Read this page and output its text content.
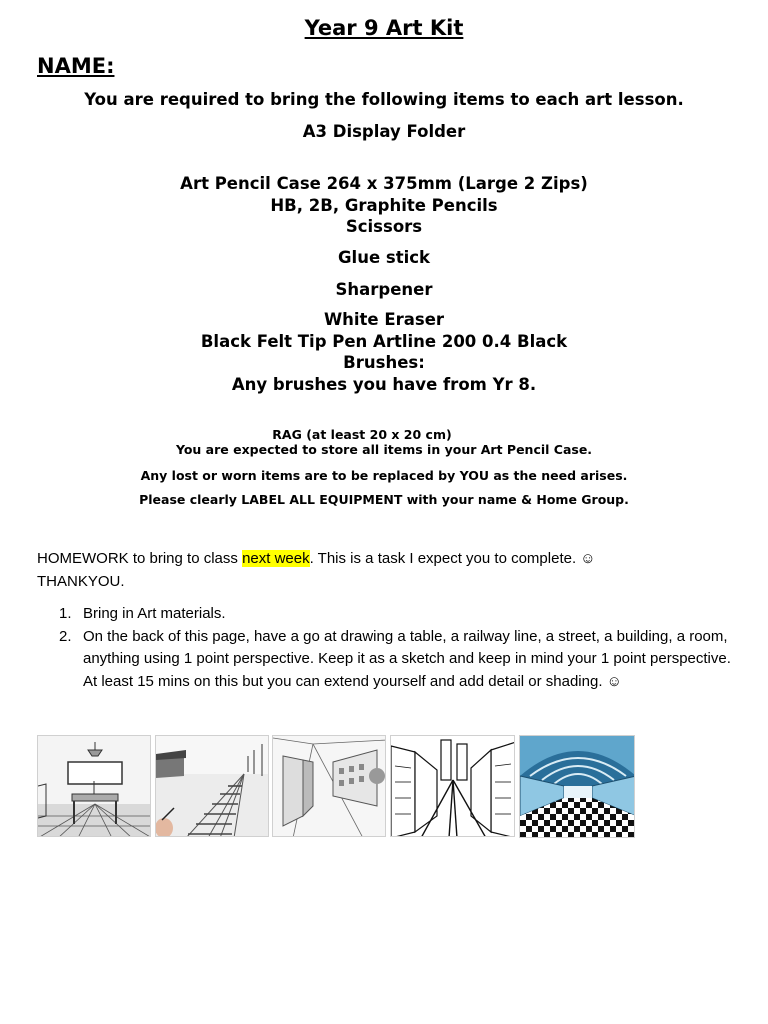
Year 9 Art Kit
NAME:
You are required to bring the following items to each art lesson.
A3 Display Folder
Art Pencil Case 264 x 375mm (Large 2 Zips)
HB, 2B, Graphite Pencils
Scissors
Glue stick
Sharpener
White Eraser
Black Felt Tip Pen Artline 200 0.4 Black
Brushes:
Any brushes you have from Yr 8.
RAG (at least 20 x 20 cm)
You are expected to store all items in your Art Pencil Case.
Any lost or worn items are to be replaced by YOU as the need arises.
Please clearly LABEL ALL EQUIPMENT with your name & Home Group.
HOMEWORK to bring to class next week. This is a task I expect you to complete. ☺
THANKYOU.
1. Bring in Art materials.
2. On the back of this page, have a go at drawing a table, a railway line, a street, a building, a room, anything using 1 point perspective. Keep it as a sketch and keep in mind your 1 point perspective. At least 15 mins on this but you can extend yourself and add detail or shading. ☺
